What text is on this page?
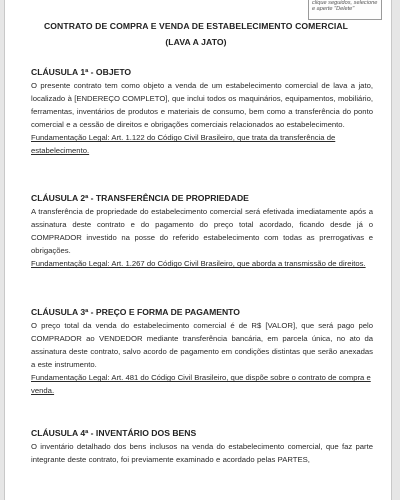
clique seguidos, selecione e aperte "Delete"
CONTRATO DE COMPRA E VENDA DE ESTABELECIMENTO COMERCIAL
(LAVA A JATO)

CLÁUSULA 1ª - OBJETO

O presente contrato tem como objeto a venda de um estabelecimento comercial de lava a jato, localizado à [ENDEREÇO COMPLETO], que inclui todos os maquinários, equipamentos, mobiliário, ferramentas, inventários de produtos e materiais de consumo, bem como a transferência do ponto comercial e a cessão de direitos e obrigações comerciais relacionados ao estabelecimento.

Fundamentação Legal: Art. 1.122 do Código Civil Brasileiro, que trata da transferência de estabelecimento.

CLÁUSULA 2ª - TRANSFERÊNCIA DE PROPRIEDADE

A transferência de propriedade do estabelecimento comercial será efetivada imediatamente após a assinatura deste contrato e do pagamento do preço total acordado, ficando desde já o COMPRADOR investido na posse do referido estabelecimento com todas as prerrogativas e obrigações.

Fundamentação Legal: Art. 1.267 do Código Civil Brasileiro, que aborda a transmissão de direitos.

CLÁUSULA 3ª - PREÇO E FORMA DE PAGAMENTO

O preço total da venda do estabelecimento comercial é de R$ [VALOR], que será pago pelo COMPRADOR ao VENDEDOR mediante transferência bancária, em parcela única, no ato da assinatura deste contrato, salvo acordo de pagamento em condições distintas que serão anexadas a este instrumento.

Fundamentação Legal: Art. 481 do Código Civil Brasileiro, que dispõe sobre o contrato de compra e venda.

CLÁUSULA 4ª - INVENTÁRIO DOS BENS

O inventário detalhado dos bens inclusos na venda do estabelecimento comercial, que faz parte integrante deste contrato, foi previamente examinado e acordado pelas PARTES,
